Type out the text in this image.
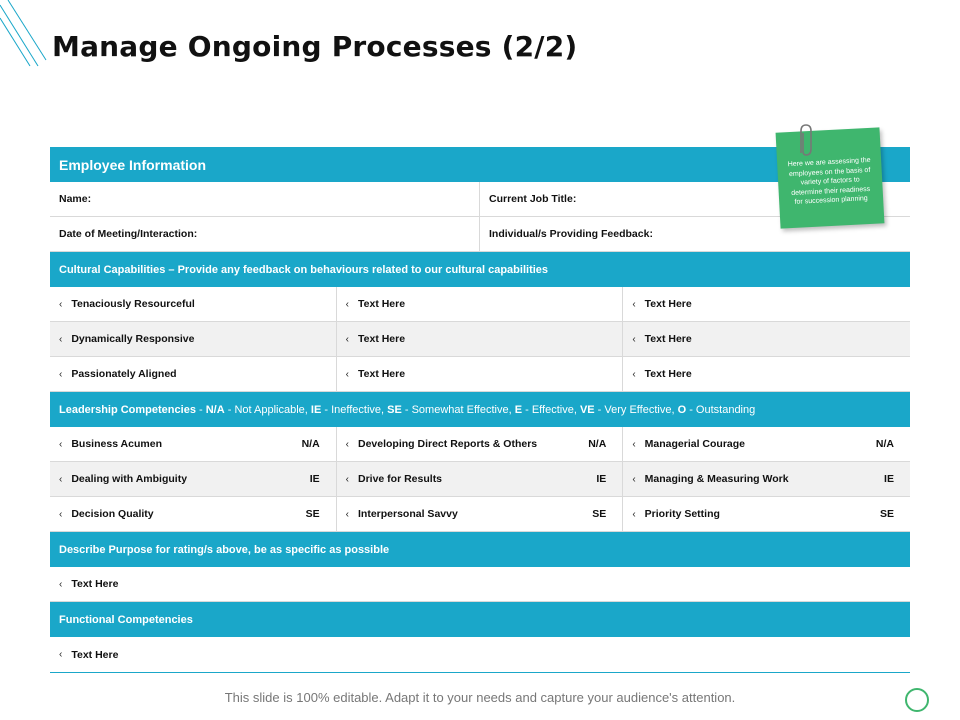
Manage Ongoing Processes (2/2)
Employee Information
Name:	Current Job Title:
Date of Meeting/Interaction:	Individual/s Providing Feedback:
Cultural Capabilities – Provide any feedback on behaviours related to our cultural capabilities
‹ Tenaciously Resourceful	‹ Text Here	‹ Text Here
‹ Dynamically Responsive	‹ Text Here	‹ Text Here
‹ Passionately Aligned	‹ Text Here	‹ Text Here
Leadership Competencies - N/A - Not Applicable, IE - Ineffective, SE - Somewhat Effective, E - Effective, VE - Very Effective, O - Outstanding
‹ Business Acumen	N/A	‹ Developing Direct Reports & Others	N/A	‹ Managerial Courage	N/A
‹ Dealing with Ambiguity	IE	‹ Drive for Results	IE	‹ Managing & Measuring Work	IE
‹ Decision Quality	SE	‹ Interpersonal Savvy	SE	‹ Priority Setting	SE
Describe Purpose for rating/s above, be as specific as possible
‹ Text Here
Functional Competencies
‹ Text Here
Here we are assessing the employees on the basis of variety of factors to determine their readiness for succession planning
This slide is 100% editable. Adapt it to your needs and capture your audience's attention.
